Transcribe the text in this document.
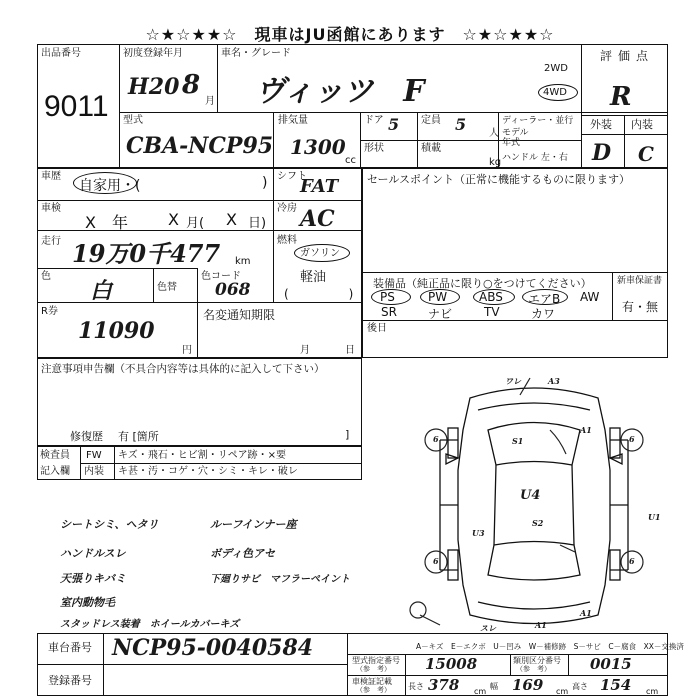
☆★☆★★☆　現車はJU函館にあります　☆★☆★★☆
出品番号
9011
初度登録年月
H20 8
月
車名・グレード
ヴィッツ　F
2WD
4WD
評価点
R
外装 内装
D C
型式
CBA-NCP95
排気量
1300
cc
ドア 5 定員 5 人
形状	積載
kg
ディーラー・並行
モデル
年式
ハンドル 左・右
車歴
自家用・(	) シフト
FAT
車検
X　年	X 月( X 日)
冷房 AC
走行 19万0千477 km
燃料
ガソリン
軽油
(　　　　　)
色
白	色替
色コード
068
R券
11090
円
名変通知期限
月	日
セールスポイント（正常に機能するものに限ります）
装備品（純正品に限り○をつけてください）	新車保証書
有・無
PS	PW	ABS エアB AW
SR	ナビ	TV	カワ
後日
注意事項申告欄（不具合内容等は具体的に記入して下さい）
修復歴 有 [箇所	]
検査員
記入欄
FW キズ・飛石・ヒビ割・リペア跡・×要
内装 キ甚・汚・コゲ・穴・シミ・キレ・破レ
シートシミ、ヘタリ
ハンドルスレ
天張りキバミ
室内動物毛
スタッドレス装着　ホイールカバーキズ
ルーフインナー座
ボディ色アセ
下廻りサビ　マフラーペイント
ワレ	A3
A1
S1
U4
S2
U1
U3
6	6
6	6
スレ	A1
A1
A－キズ　E－エクボ　U－凹み　W－補修跡　S－サビ　C－腐食　XX－交換済
車台番号 NCP95-0040584
登録番号
型式指定番号
（参　考） 15008	類別区分番号
（参　考）	0015
車検証記載
（参　考） 長さ 378 cm
幅 169 cm
高さ 154 cm
